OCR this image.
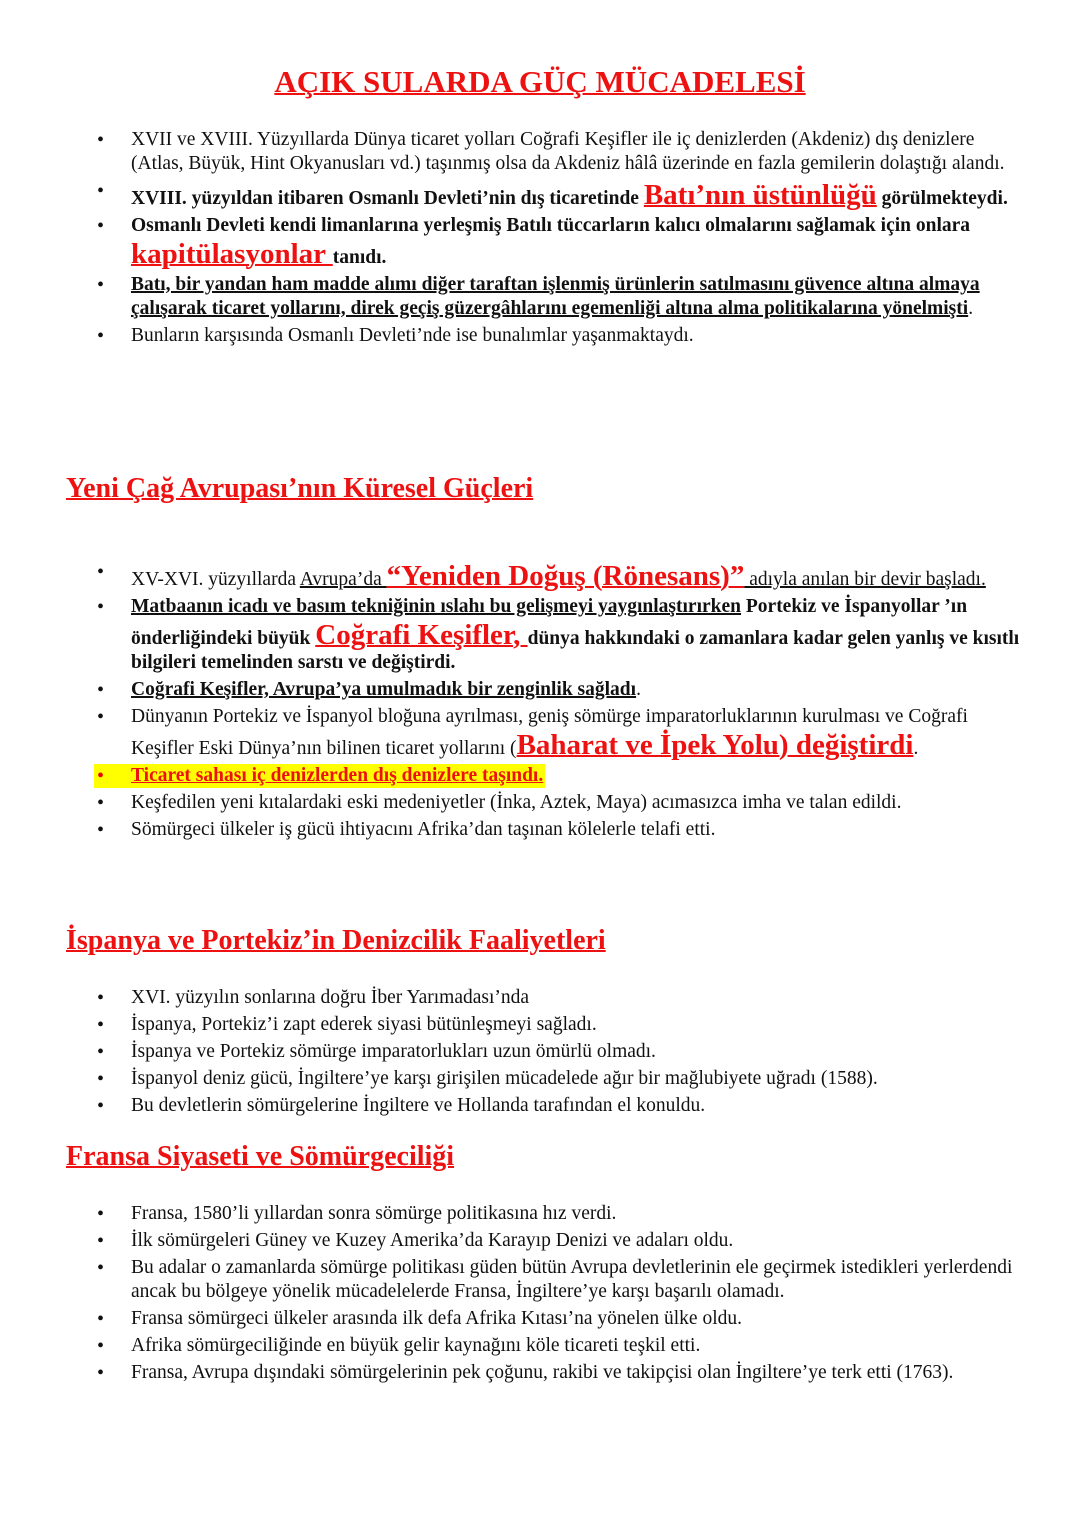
AÇIK SULARDA GÜÇ MÜCADELESİ
• XVII ve XVIII. Yüzyıllarda Dünya ticaret yolları Coğrafi Keşifler ile iç denizlerden (Akdeniz) dış denizlere (Atlas, Büyük, Hint Okyanusları vd.) taşınmış olsa da Akdeniz hâlâ üzerinde en fazla gemilerin dolaştığı alandı.
• XVIII. yüzyıldan itibaren Osmanlı Devleti’nin dış ticaretinde Batı’nın üstünlüğü görülmekteydi.
• Osmanlı Devleti kendi limanlarına yerleşmiş Batılı tüccarların kalıcı olmalarını sağlamak için onlara kapitülasyonlar tanıdı.
• Batı, bir yandan ham madde alımı diğer taraftan işlenmiş ürünlerin satılmasını güvence altına almaya çalışarak ticaret yollarını, direk geçiş güzergâhlarını egemenliği altına alma politikalarına yönelmişti.
• Bunların karşısında Osmanlı Devleti’nde ise bunalımlar yaşanmaktaydı.
Yeni Çağ Avrupası’nın Küresel Güçleri
• XV-XVI. yüzyıllarda Avrupa’da “Yeniden Doğuş (Rönesans)” adıyla anılan bir devir başladı.
• Matbaanın icadı ve basım tekniğinin ıslahı bu gelişmeyi yaygınlaştırırken Portekiz ve İspanyollar ’ın önderliğindeki büyük Coğrafi Keşifler, dünya hakkındaki o zamanlara kadar gelen yanlış ve kısıtlı bilgileri temelinden sarstı ve değiştirdi.
• Coğrafi Keşifler, Avrupa’ya umulmadık bir zenginlik sağladı.
• Dünyanın Portekiz ve İspanyol bloğuna ayrılması, geniş sömürge imparatorluklarının kurulması ve Coğrafi Keşifler Eski Dünya’nın bilinen ticaret yollarını (Baharat ve İpek Yolu) değiştirdi.
• Ticaret sahası iç denizlerden dış denizlere taşındı.

• Keşfedilen yeni kıtalardaki eski medeniyetler (İnka, Aztek, Maya) acımasızca imha ve talan edildi.
• Sömürgeci ülkeler iş gücü ihtiyacını Afrika’dan taşınan kölelerle telafi etti.
İspanya ve Portekiz’in Denizcilik Faaliyetleri
• XVI. yüzyılın sonlarına doğru İber Yarımadası’nda
• İspanya, Portekiz’i zapt ederek siyasi bütünleşmeyi sağladı.
• İspanya ve Portekiz sömürge imparatorlukları uzun ömürlü olmadı.
• İspanyol deniz gücü, İngiltere’ye karşı girişilen mücadelede ağır bir mağlubiyete uğradı (1588).
• Bu devletlerin sömürgelerine İngiltere ve Hollanda tarafından el konuldu.
Fransa Siyaseti ve Sömürgeciliği
• Fransa, 1580’li yıllardan sonra sömürge politikasına hız verdi.
• İlk sömürgeleri Güney ve Kuzey Amerika’da Karayıp Denizi ve adaları oldu.
• Bu adalar o zamanlarda sömürge politikası güden bütün Avrupa devletlerinin ele geçirmek istedikleri yerlerdendi ancak bu bölgeye yönelik mücadelelerde Fransa, İngiltere’ye karşı başarılı olamadı.
• Fransa sömürgeci ülkeler arasında ilk defa Afrika Kıtası’na yönelen ülke oldu.
• Afrika sömürgeciliğinde en büyük gelir kaynağını köle ticareti teşkil etti.
• Fransa, Avrupa dışındaki sömürgelerinin pek çoğunu, rakibi ve takipçisi olan İngiltere’ye terk etti (1763).
